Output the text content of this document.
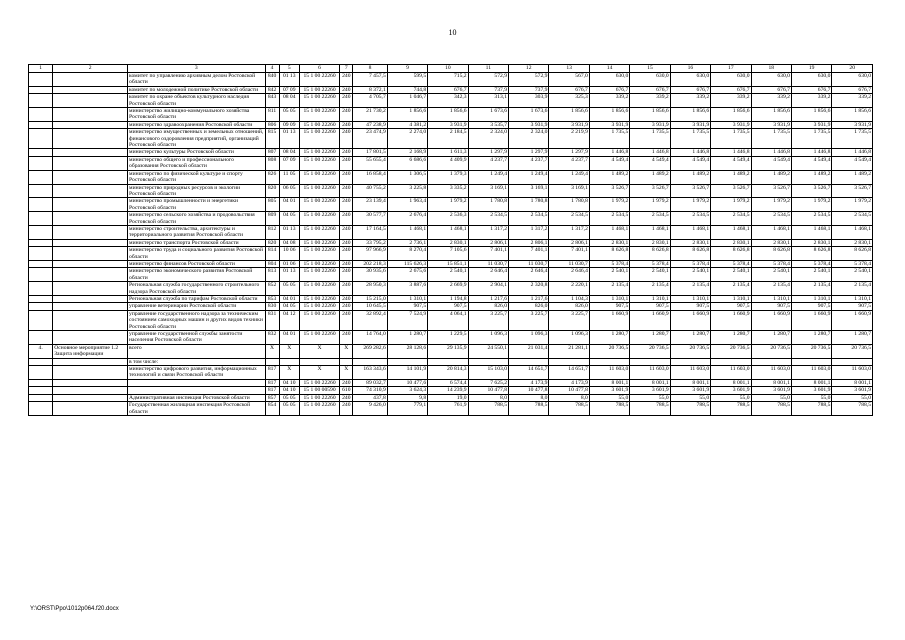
10
1	2	3	4	5	6	7	8	9	10	11	12	13	14	15	16	17	18	19	20
		комитет по управлению архивным делом Ростовской области	840	01 13	15 1 00 22260	240	7 457,5	599,5	715,2	572,9	572,9	567,0	630,0	630,0	630,0	630,0	630,0	630,0	630,0
		комитет по молодежной политике Ростовской области	842	07 09	15 1 00 22260	240	8 372,1	744,8	676,7	737,9	737,9	676,7	676,7	676,7	676,7	676,7	676,7	676,7	676,7
		комитет по охране объектов культурного наследия Ростовской области	843	08 04	15 1 00 22260	240	4 705,7	1 046,7	342,3	313,1	303,9	325,3	339,2	339,2	339,2	339,2	339,2	339,2	339,2
		министерство жилищно-коммунального хозяйства Ростовской области	811	05 05	15 1 00 22260	240	21 730,2	1 856,6	1 856,6	1 673,6	1 673,6	1 856,6	1 856,6	1 856,6	1 856,6	1 856,6	1 856,6	1 856,6	1 856,6
		министерство здравоохранения Ростовской области	806	09 09	15 1 00 22260	240	47 238,9	4 381,2	3 931,9	3 535,7	3 931,9	3 931,9	3 931,9	3 931,9	3 931,9	3 931,9	3 931,9	3 931,9	3 931,9
		министерство имущественных и земельных отношений, финансового оздоровления предприятий, организаций Ростовской области	815	01 13	15 1 00 22260	240	23 474,9	2 274,0	2 184,5	2 324,0	2 324,0	2 219,9	1 735,5	1 735,5	1 735,5	1 735,5	1 735,5	1 735,5	1 735,5
		министерство культуры Ростовской области	807	08 04	15 1 00 22260	240	17 801,5	2 168,9	1 611,3	1 297,9	1 297,9	1 297,9	1 446,8	1 446,8	1 446,8	1 446,8	1 446,8	1 446,8	1 446,8
		министерство общего и профессионального образования Ростовской области	808	07 09	15 1 00 22260	240	55 655,4	6 686,6	4 409,9	4 237,7	4 237,7	4 237,7	4 549,4	4 549,4	4 549,4	4 549,4	4 549,4	4 549,4	4 549,4
		министерство по физической культуре и спорту Ростовской области	826	11 05	15 1 00 22260	240	16 858,4	1 306,5	1 379,3	1 249,4	1 249,4	1 249,4	1 489,2	1 489,2	1 489,2	1 489,2	1 489,2	1 489,2	1 489,2
		министерство природных ресурсов и экологии Ростовской области	820	06 05	15 1 00 22260	240	40 755,2	3 225,8	3 335,2	3 169,1	3 169,1	3 169,1	3 526,7	3 526,7	3 526,7	3 526,7	3 526,7	3 526,7	3 526,7
		министерство промышленности и энергетики Ростовской области	805	04 01	15 1 00 22260	240	23 139,4	1 963,4	1 979,2	1 780,8	1 780,8	1 780,8	1 979,2	1 979,2	1 979,2	1 979,2	1 979,2	1 979,2	1 979,2
		министерство сельского хозяйства и продовольствия Ростовской области	809	04 05	15 1 00 22260	240	30 577,7	2 676,4	2 536,3	2 534,5	2 534,5	2 534,5	2 534,5	2 534,5	2 534,5	2 534,5	2 534,5	2 534,5	2 534,5
		министерство строительства, архитектуры и территориального развития Ростовской области	812	01 13	15 1 00 22260	240	17 164,5	1 468,1	1 468,1	1 317,2	1 317,2	1 317,2	1 468,1	1 468,1	1 468,1	1 468,1	1 468,1	1 468,1	1 468,1
		министерство транспорта Ростовской области	820	04 08	15 1 00 22260	240	33 795,2	2 736,1	2 830,1	2 806,1	2 806,1	2 806,1	2 830,1	2 830,1	2 830,1	2 830,1	2 830,1	2 830,1	2 830,1
		министерство труда и социального развития Ростовской области	814	10 06	15 1 00 22260	240	97 966,9	8 270,4	7 105,6	7 401,1	7 401,1	7 401,1	8 626,8	8 626,8	8 626,8	8 626,8	8 626,8	8 626,8	8 626,8
		министерство финансов Ростовской области	804	01 06	15 1 00 22260	240	202 218,3	115 626,3	15 851,1	11 030,7	11 030,7	11 030,7	5 378,4	5 378,4	5 378,4	5 378,4	5 378,4	5 378,4	5 378,4
		министерство экономического развития Ростовской области	813	01 13	15 1 00 22260	240	30 935,6	2 675,6	2 540,1	2 646,4	2 646,4	2 646,4	2 540,1	2 540,1	2 540,1	2 540,1	2 540,1	2 540,1	2 540,1
		Региональная служба государственного строительного надзора Ростовской области	852	05 05	15 1 00 22260	240	28 950,3	3 887,6	2 669,9	2 904,1	2 320,8	2 220,1	2 135,4	2 135,4	2 135,4	2 135,4	2 135,4	2 135,4	2 135,4
		Региональная служба по тарифам Ростовской области	853	04 01	15 1 00 22260	240	15 215,0	1 310,1	1 194,8	1 217,6	1 217,6	1 104,3	1 310,1	1 310,1	1 310,1	1 310,1	1 310,1	1 310,1	1 310,1
		управление ветеринарии Ростовской области	830	04 05	15 1 00 22260	240	10 645,5	907,5	907,5	826,0	826,0	826,0	907,5	907,5	907,5	907,5	907,5	907,5	907,5
		управление государственного надзора за техническим состоянием самоходных машин и других видов техники Ростовской области	831	04 12	15 1 00 22260	240	32 892,4	7 524,9	4 064,1	3 225,7	3 225,7	3 225,7	1 660,9	1 660,9	1 660,9	1 660,9	1 660,9	1 660,9	1 660,9
		управление государственной службы занятости населения Ростовской области	832	04 01	15 1 00 22260	240	14 764,0	1 280,7	1 229,5	1 096,3	1 096,3	1 096,3	1 280,7	1 280,7	1 280,7	1 280,7	1 280,7	1 280,7	1 280,7
4.	Основное мероприятие 1.2 Защита информации	всего	X	X	X	X	269 282,6	28 128,6	29 135,9	24 550,1	21 031,4	21 281,1	20 736,5	20 736,5	20 736,5	20 736,5	20 736,5	20 736,5	20 736,5
		в том числе:																	
		министерство цифрового развития, информационных технологий и связи Ростовской области	817	X	X	X	163 343,6	14 101,9	20 814,3	15 103,0	14 651,7	14 651,7	11 603,0	11 603,0	11 603,0	11 603,0	11 603,0	11 603,0	11 603,0
			817	04 10	15 1 00 22260	240	89 032,7	10 477,6	6 574,4	7 625,2	4 173,9	4 173,9	8 001,1	8 001,1	8 001,1	8 001,1	8 001,1	8 001,1	8 001,1
			817	04 10	15 1 00 00590	610	74 310,9	3 624,3	14 239,9	10 477,8	10 477,8	10 477,8	3 601,9	3 601,9	3 601,9	3 601,9	3 601,9	3 601,9	3 601,9
		Административная инспекция Ростовской области	857	05 05	15 1 00 22260	240	437,8	9,8	19,0	8,0	8,0	8,0	55,0	55,0	55,0	55,0	55,0	55,0	55,0
		Государственная жилищная инспекция Ростовской области	854	05 05	15 1 00 22260	240	9 426,0	779,1	761,9	788,5	788,5	788,5	788,5	788,5	788,5	788,5	788,5	788,5	788,5
Y:\ORST\Ppo\1012p064.f20.docx
